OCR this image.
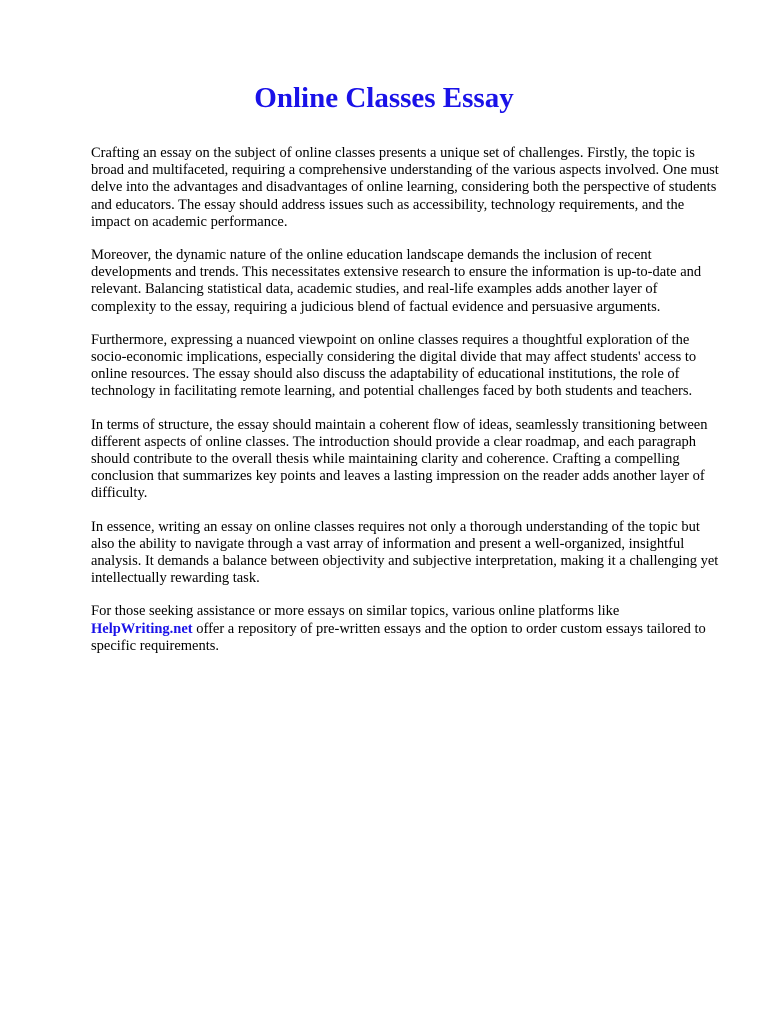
Online Classes Essay

Crafting an essay on the subject of online classes presents a unique set of challenges. Firstly, the topic is broad and multifaceted, requiring a comprehensive understanding of the various aspects involved. One must delve into the advantages and disadvantages of online learning, considering both the perspective of students and educators. The essay should address issues such as accessibility, technology requirements, and the impact on academic performance.

Moreover, the dynamic nature of the online education landscape demands the inclusion of recent developments and trends. This necessitates extensive research to ensure the information is up-to-date and relevant. Balancing statistical data, academic studies, and real-life examples adds another layer of complexity to the essay, requiring a judicious blend of factual evidence and persuasive arguments.

Furthermore, expressing a nuanced viewpoint on online classes requires a thoughtful exploration of the socio-economic implications, especially considering the digital divide that may affect students' access to online resources. The essay should also discuss the adaptability of educational institutions, the role of technology in facilitating remote learning, and potential challenges faced by both students and teachers.

In terms of structure, the essay should maintain a coherent flow of ideas, seamlessly transitioning between different aspects of online classes. The introduction should provide a clear roadmap, and each paragraph should contribute to the overall thesis while maintaining clarity and coherence. Crafting a compelling conclusion that summarizes key points and leaves a lasting impression on the reader adds another layer of difficulty.

In essence, writing an essay on online classes requires not only a thorough understanding of the topic but also the ability to navigate through a vast array of information and present a well-organized, insightful analysis. It demands a balance between objectivity and subjective interpretation, making it a challenging yet intellectually rewarding task.

For those seeking assistance or more essays on similar topics, various online platforms like
HelpWriting.net offer a repository of pre-written essays and the option to order custom essays tailored to specific requirements.
